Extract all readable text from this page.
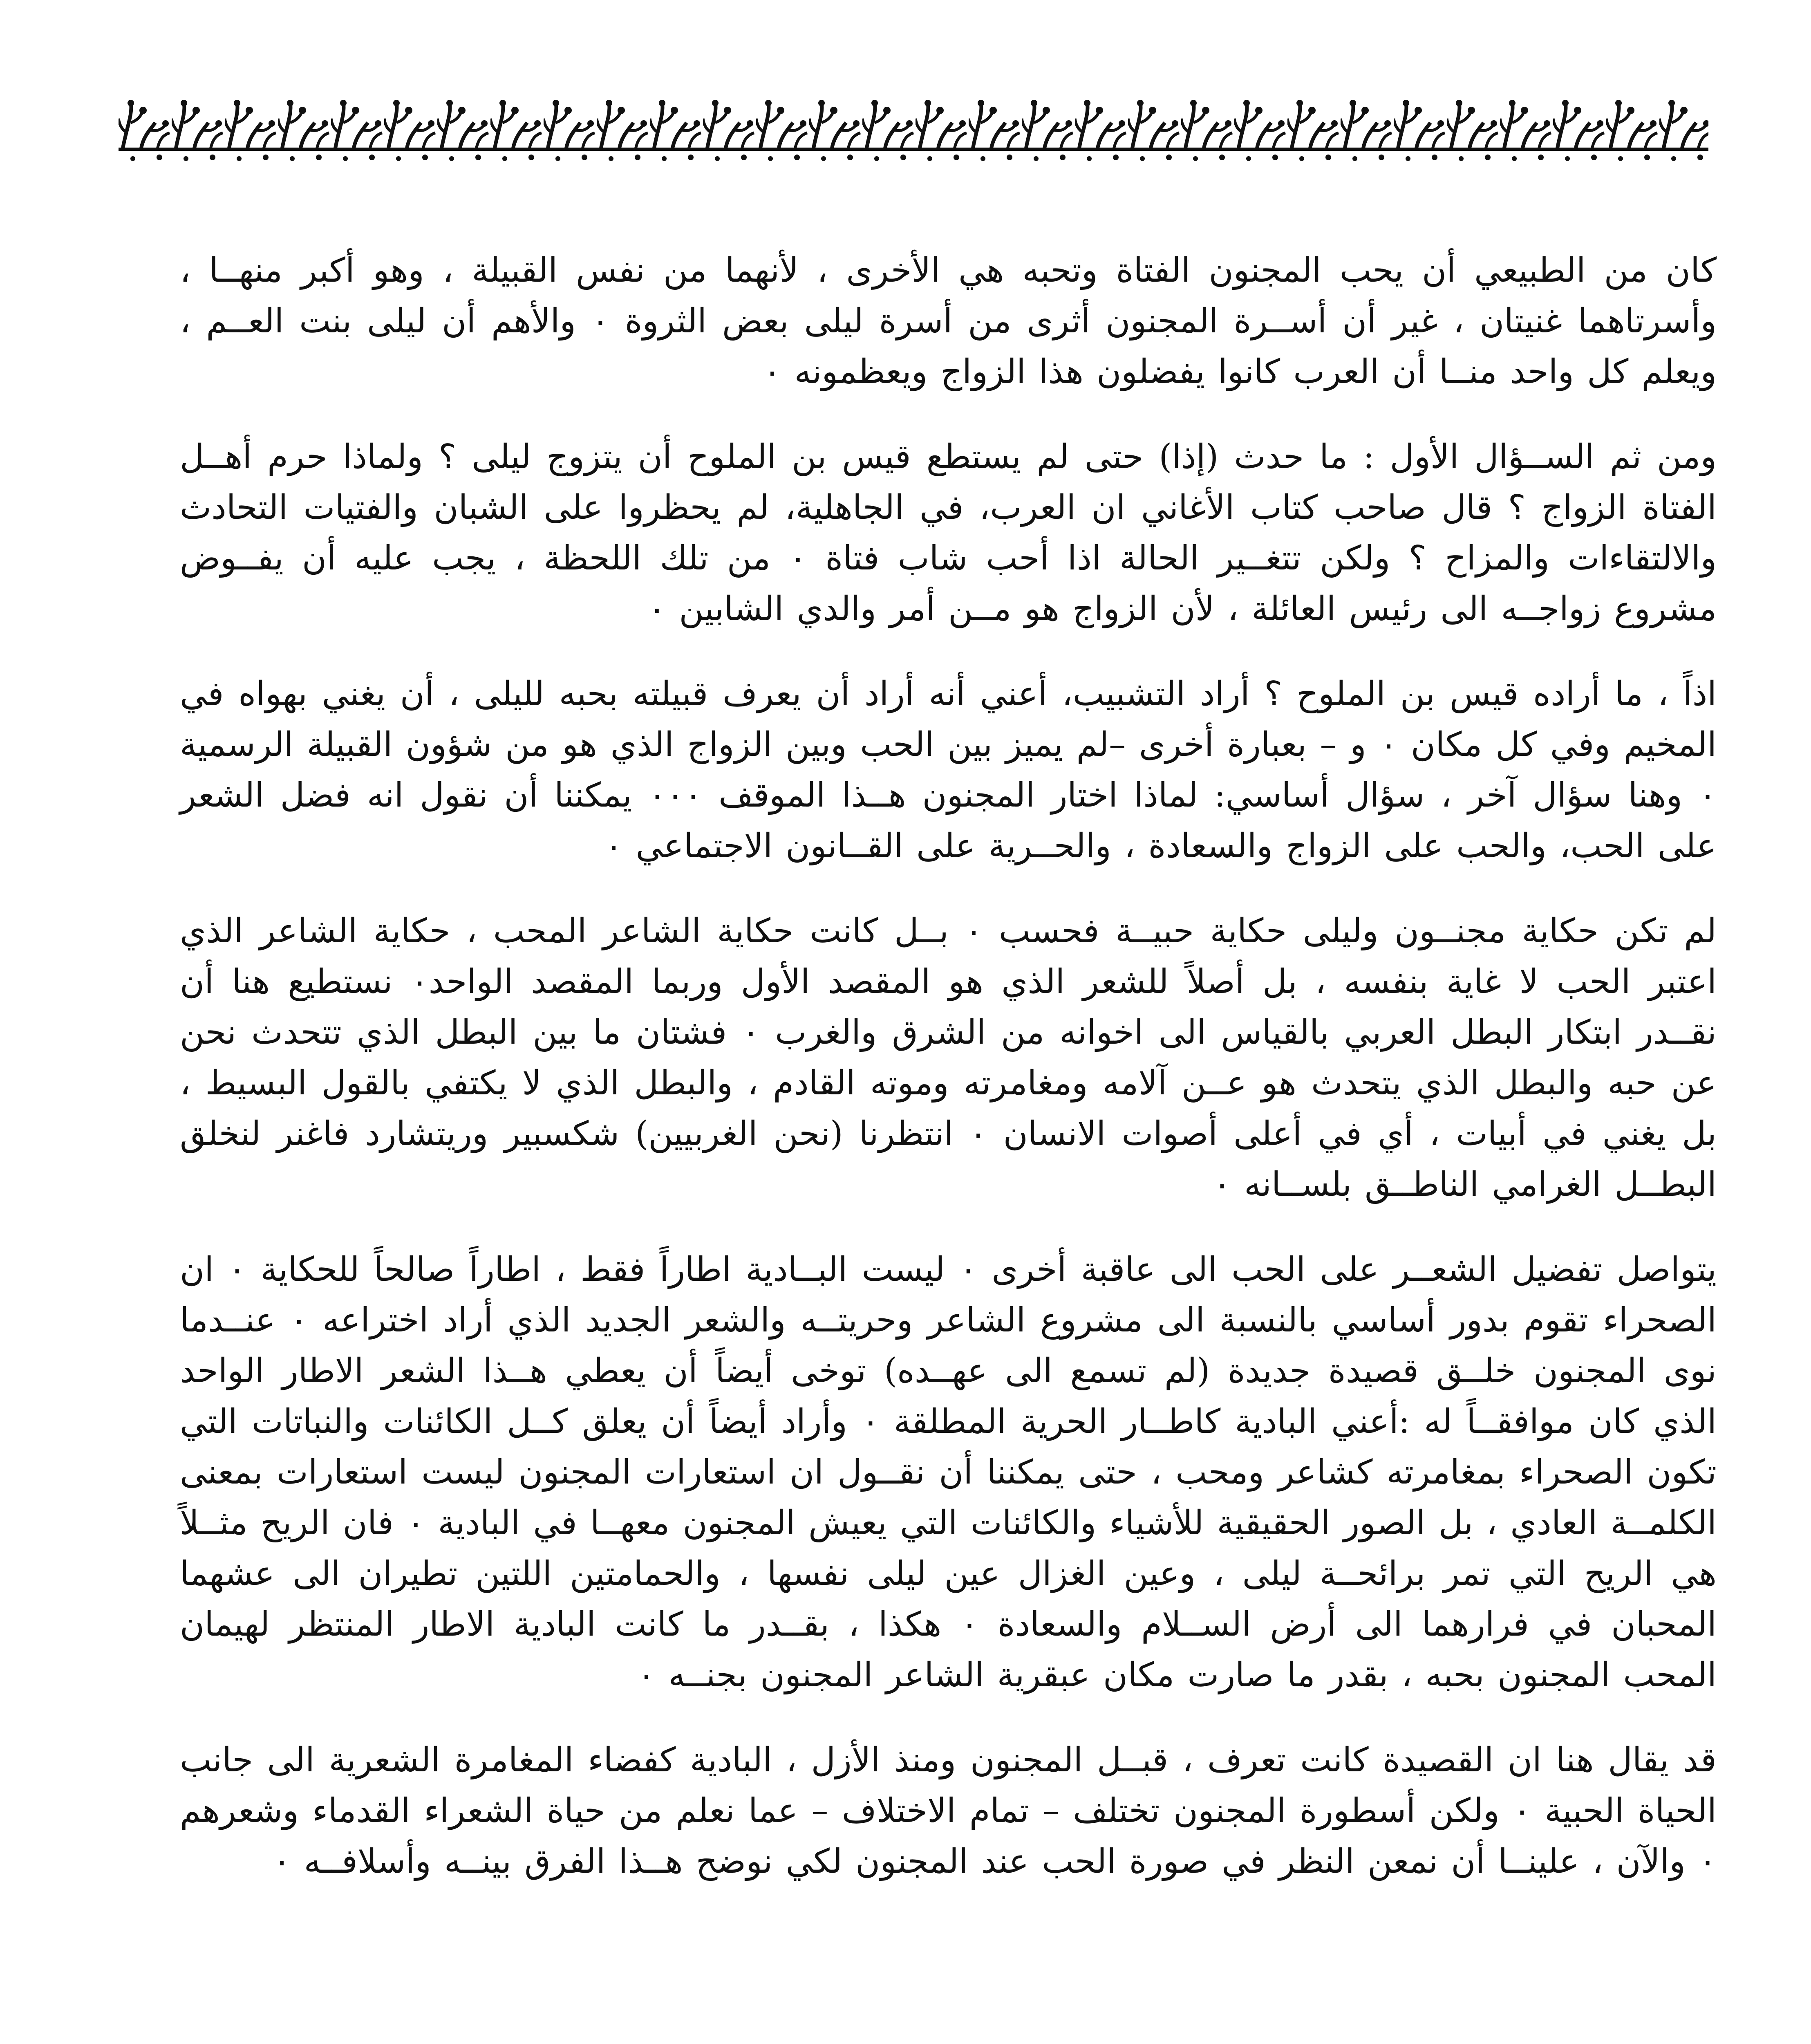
كان من الطبيعي أن يحب المجنون الفتاة وتحبه هي الأخرى ، لأنهما من نفس القبيلة ، وهو أكبر منهــا ، وأسرتاهما غنيتان ، غير أن أســرة المجنون أثرى من أسرة ليلى بعض الثروة ٠ والأهم أن ليلى بنت العــم ، ويعلم كل واحد منــا أن العرب كانوا يفضلون هذا الزواج ويعظمونه ٠

ومن ثم الســؤال الأول : ما حدث (إذا) حتى لم يستطع قيس بن الملوح أن يتزوج ليلى ؟ ولماذا حرم أهــل الفتاة الزواج ؟ قال صاحب كتاب الأغاني ان العرب، في الجاهلية، لم يحظروا على الشبان والفتيات التحادث والالتقاءات والمزاح ؟ ولكن تتغــير الحالة اذا أحب شاب فتاة ٠ من تلك اللحظة ، يجب عليه أن يفــوض مشروع زواجــه الى رئيس العائلة ، لأن الزواج هو مــن أمر والدي الشابين ٠

اذاً ، ما أراده قيس بن الملوح ؟ أراد التشبيب، أعني أنه أراد أن يعرف قبيلته بحبه لليلى ، أن يغني بهواه في المخيم وفي كل مكان ٠ و – بعبارة أخرى –لم يميز بين الحب وبين الزواج الذي هو من شؤون القبيلة الرسمية ٠ وهنا سؤال آخر ، سؤال أساسي: لماذا اختار المجنون هــذا الموقف ٠٠٠ يمكننا أن نقول انه فضل الشعر على الحب، والحب على الزواج والسعادة ، والحــرية على القــانون الاجتماعي ٠

لم تكن حكاية مجنــون وليلى حكاية حبيــة فحسب ٠ بــل كانت حكاية الشاعر المحب ، حكاية الشاعر الذي اعتبر الحب لا غاية بنفسه ، بل أصلاً للشعر الذي هو المقصد الأول وربما المقصد الواحد٠ نستطيع هنا أن نقــدر ابتكار البطل العربي بالقياس الى اخوانه من الشرق والغرب ٠ فشتان ما بين البطل الذي تتحدث نحن عن حبه والبطل الذي يتحدث هو عــن آلامه ومغامرته وموته القادم ، والبطل الذي لا يكتفي بالقول البسيط ، بل يغني في أبيات ، أي في أعلى أصوات الانسان ٠ انتظرنا (نحن الغربيين) شكسبير وريتشارد فاغنر لنخلق البطــل الغرامي الناطــق بلســانه ٠

يتواصل تفضيل الشعــر على الحب الى عاقبة أخرى ٠ ليست البــادية اطاراً فقط ، اطاراً صالحاً للحكاية ٠ ان الصحراء تقوم بدور أساسي بالنسبة الى مشروع الشاعر وحريتــه والشعر الجديد الذي أراد اختراعه ٠ عنــدما نوى المجنون خلــق قصيدة جديدة (لم تسمع الى عهــده) توخى أيضاً أن يعطي هــذا الشعر الاطار الواحد الذي كان موافقــاً له :أعني البادية كاطــار الحرية المطلقة ٠ وأراد أيضاً أن يعلق كــل الكائنات والنباتات التي تكون الصحراء بمغامرته كشاعر ومحب ، حتى يمكننا أن نقــول ان استعارات المجنون ليست استعارات بمعنى الكلمــة العادي ، بل الصور الحقيقية للأشياء والكائنات التي يعيش المجنون معهــا في البادية ٠ فان الريح مثــلاً هي الريح التي تمر برائحــة ليلى ، وعين الغزال عين ليلى نفسها ، والحمامتين اللتين تطيران الى عشهما المحبان في فرارهما الى أرض الســلام والسعادة ٠ هكذا ، بقــدر ما كانت البادية الاطار المنتظر لهيمان المحب المجنون بحبه ، بقدر ما صارت مكان عبقرية الشاعر المجنون بجنــه ٠

قد يقال هنا ان القصيدة كانت تعرف ، قبــل المجنون ومنذ الأزل ، البادية كفضاء المغامرة الشعرية الى جانب الحياة الحبية ٠ ولكن أسطورة المجنون تختلف – تمام الاختلاف – عما نعلم من حياة الشعراء القدماء وشعرهم ٠ والآن ، علينــا أن نمعن النظر في صورة الحب عند المجنون لكي نوضح هــذا الفرق بينــه وأسلافــه ٠
